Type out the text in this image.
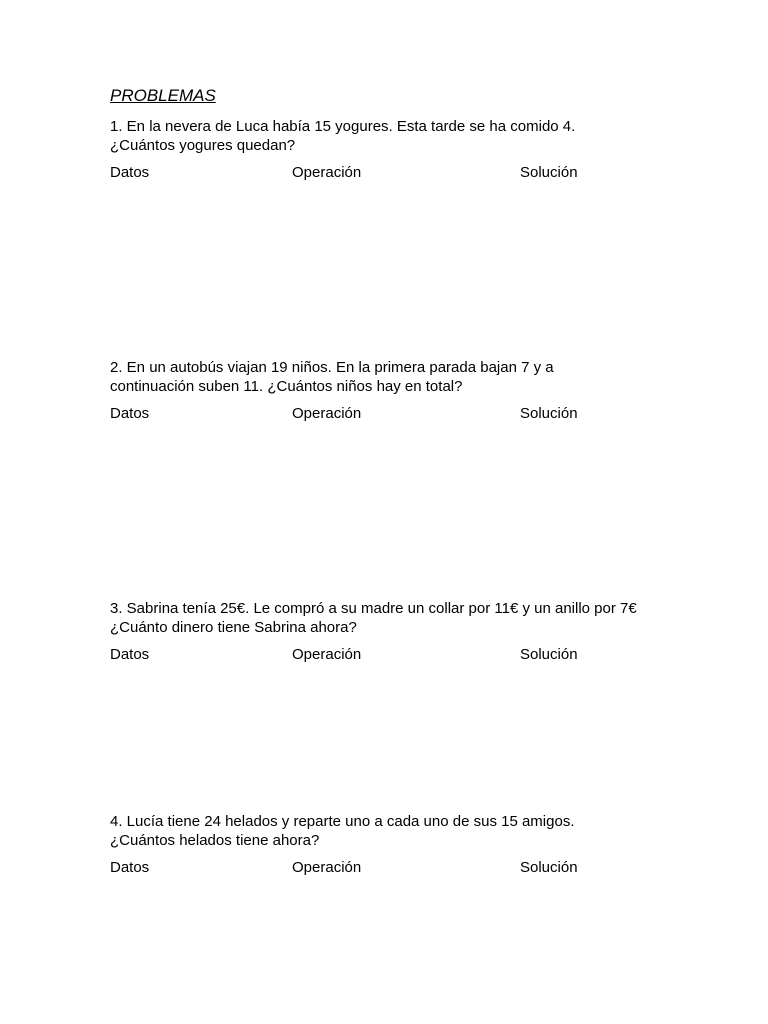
PROBLEMAS

1. En la nevera de Luca había 15 yogures. Esta tarde se ha comido 4.
¿Cuántos yogures quedan?

Datos	Operación	Solución

2. En un autobús viajan 19 niños. En la primera parada bajan 7 y a
continuación suben 11. ¿Cuántos niños hay en total?

Datos	Operación	Solución

3. Sabrina tenía 25€. Le compró a su madre un collar por 11€ y un anillo por 7€
¿Cuánto dinero tiene Sabrina ahora?

Datos	Operación	Solución

4. Lucía tiene 24 helados y reparte uno a cada uno de sus 15 amigos.
¿Cuántos helados tiene ahora?

Datos	Operación	Solución
